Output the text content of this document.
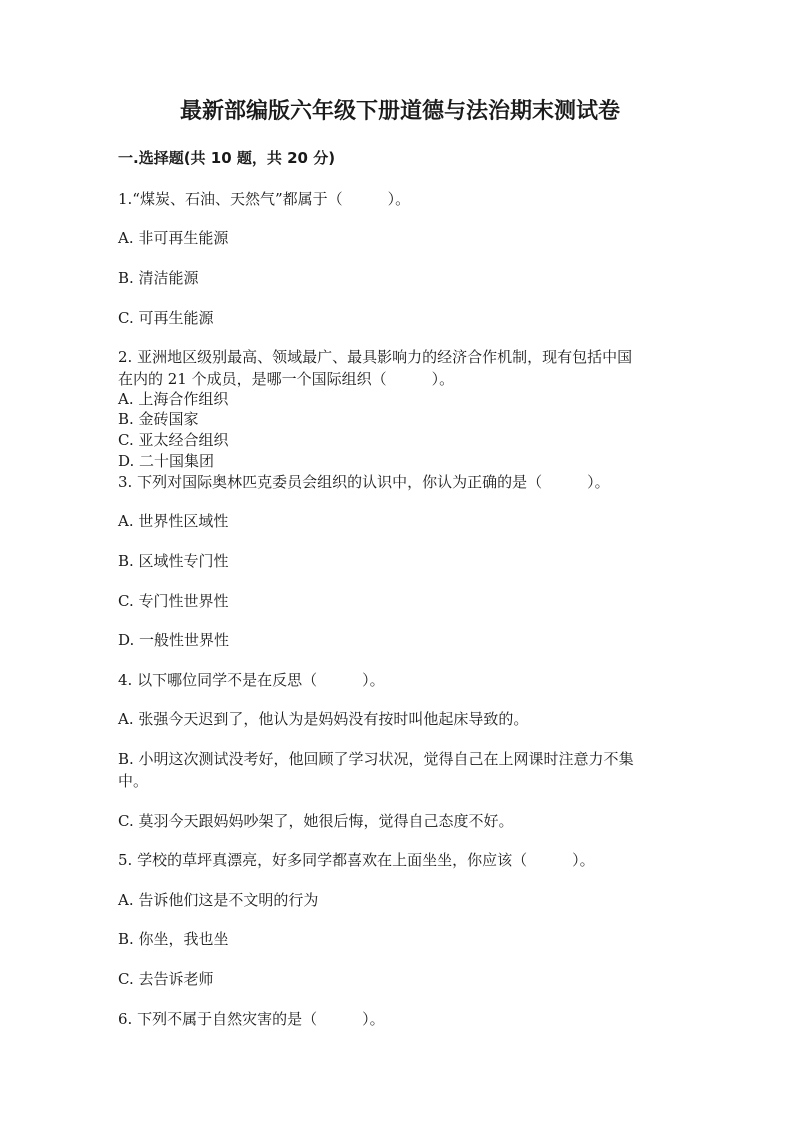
最新部编版六年级下册道德与法治期末测试卷
一.选择题(共 10 题，共 20 分)
1.“煤炭、石油、天然气”都属于（　　　）。
A. 非可再生能源
B. 清洁能源
C. 可再生能源
2. 亚洲地区级别最高、领域最广、最具影响力的经济合作机制，现有包括中国
在内的 21 个成员，是哪一个国际组织（　　　）。
A. 上海合作组织
B. 金砖国家
C. 亚太经合组织
D. 二十国集团
3. 下列对国际奥林匹克委员会组织的认识中，你认为正确的是（　　　）。
A. 世界性区域性
B. 区域性专门性
C. 专门性世界性
D. 一般性世界性
4. 以下哪位同学不是在反思（　　　）。
A. 张强今天迟到了，他认为是妈妈没有按时叫他起床导致的。
B. 小明这次测试没考好，他回顾了学习状况，觉得自己在上网课时注意力不集
中。
C. 莫羽今天跟妈妈吵架了，她很后悔，觉得自己态度不好。
5. 学校的草坪真漂亮，好多同学都喜欢在上面坐坐，你应该（　　　）。
A. 告诉他们这是不文明的行为
B. 你坐，我也坐
C. 去告诉老师
6. 下列不属于自然灾害的是（　　　）。
